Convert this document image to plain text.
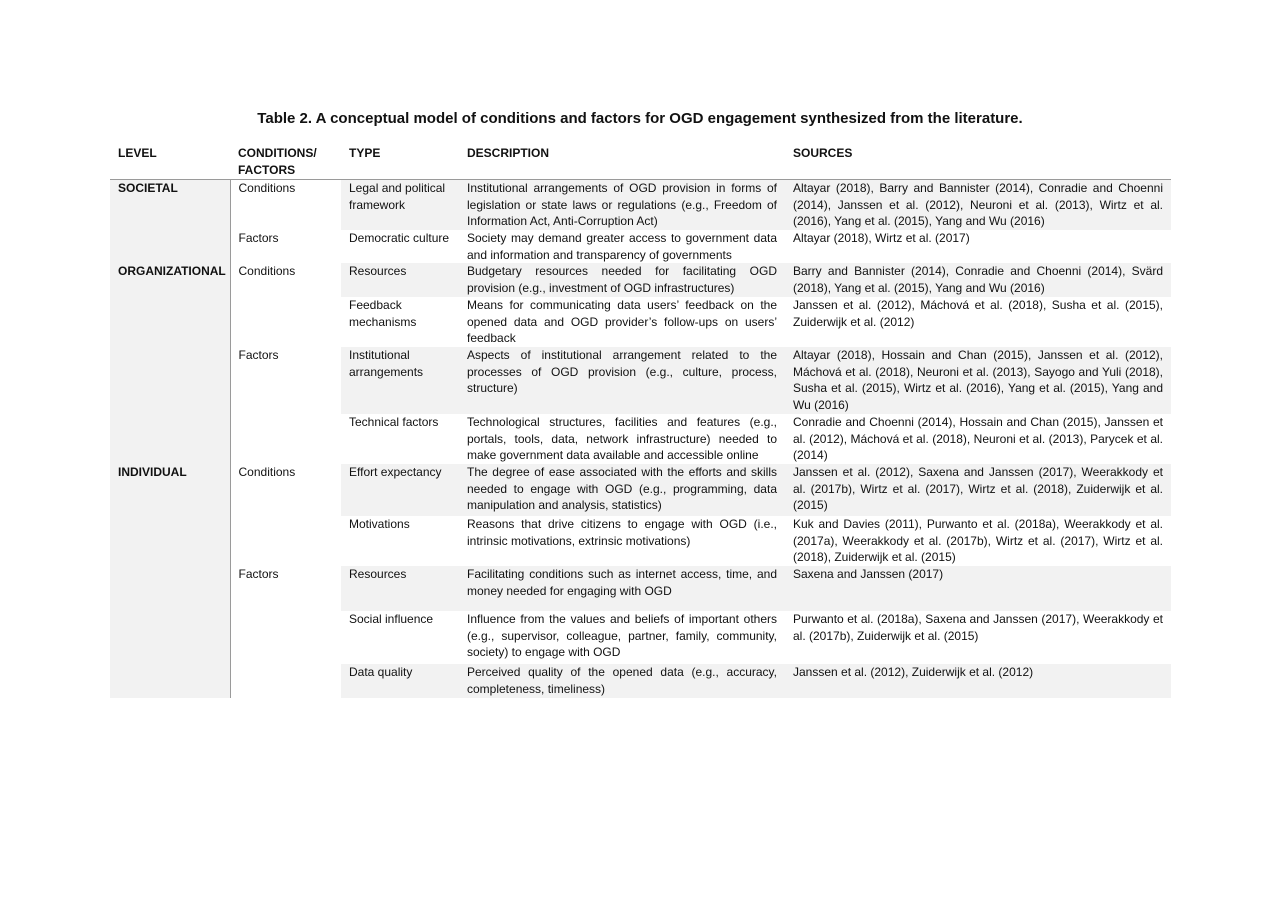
Table 2. A conceptual model of conditions and factors for OGD engagement synthesized from the literature.
LEVEL	CONDITIONS/ FACTORS	TYPE	DESCRIPTION	SOURCES
SOCIETAL	Conditions	Legal and political framework	Institutional arrangements of OGD provision in forms of legislation or state laws or regulations (e.g., Freedom of Information Act, Anti-Corruption Act)	Altayar (2018), Barry and Bannister (2014), Conradie and Choenni (2014), Janssen et al. (2012), Neuroni et al. (2013), Wirtz et al. (2016), Yang et al. (2015), Yang and Wu (2016)
	Factors	Democratic culture	Society may demand greater access to government data and information and transparency of governments	Altayar (2018), Wirtz et al. (2017)
ORGANIZATIONAL	Conditions	Resources	Budgetary resources needed for facilitating OGD provision (e.g., investment of OGD infrastructures)	Barry and Bannister (2014), Conradie and Choenni (2014), Svärd (2018), Yang et al. (2015), Yang and Wu (2016)
		Feedback mechanisms	Means for communicating data users’ feedback on the opened data and OGD provider’s follow-ups on users’ feedback	Janssen et al. (2012), Máchová et al. (2018), Susha et al. (2015), Zuiderwijk et al. (2012)
	Factors	Institutional arrangements	Aspects of institutional arrangement related to the processes of OGD provision (e.g., culture, process, structure)	Altayar (2018), Hossain and Chan (2015), Janssen et al. (2012), Máchová et al. (2018), Neuroni et al. (2013), Sayogo and Yuli (2018), Susha et al. (2015), Wirtz et al. (2016), Yang et al. (2015), Yang and Wu (2016)
		Technical factors	Technological structures, facilities and features (e.g., portals, tools, data, network infrastructure) needed to make government data available and accessible online	Conradie and Choenni (2014), Hossain and Chan (2015), Janssen et al. (2012), Máchová et al. (2018), Neuroni et al. (2013), Parycek et al. (2014)
INDIVIDUAL	Conditions	Effort expectancy	The degree of ease associated with the efforts and skills needed to engage with OGD (e.g., programming, data manipulation and analysis, statistics)	Janssen et al. (2012), Saxena and Janssen (2017), Weerakkody et al. (2017b), Wirtz et al. (2017), Wirtz et al. (2018), Zuiderwijk et al. (2015)
		Motivations	Reasons that drive citizens to engage with OGD (i.e., intrinsic motivations, extrinsic motivations)	Kuk and Davies (2011), Purwanto et al. (2018a), Weerakkody et al. (2017a), Weerakkody et al. (2017b), Wirtz et al. (2017), Wirtz et al. (2018), Zuiderwijk et al. (2015)
	Factors	Resources	Facilitating conditions such as internet access, time, and money needed for engaging with OGD	Saxena and Janssen (2017)
		Social influence	Influence from the values and beliefs of important others (e.g., supervisor, colleague, partner, family, community, society) to engage with OGD	Purwanto et al. (2018a), Saxena and Janssen (2017), Weerakkody et al. (2017b), Zuiderwijk et al. (2015)
		Data quality	Perceived quality of the opened data (e.g., accuracy, completeness, timeliness)	Janssen et al. (2012), Zuiderwijk et al. (2012)
